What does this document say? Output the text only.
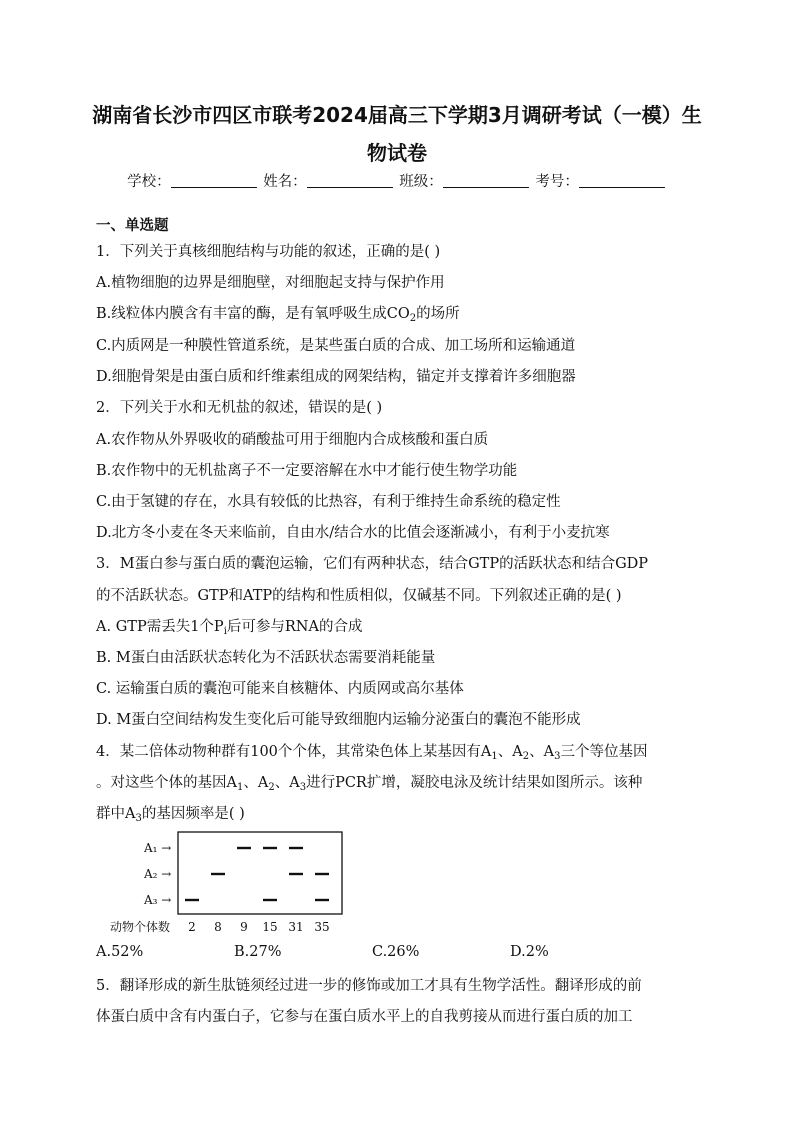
湖南省长沙市四区市联考2024届高三下学期3月调研考试（一模）生
物试卷
学校：	姓名：	班级：	考号：
一、单选题
1．下列关于真核细胞结构与功能的叙述，正确的是( )
A.植物细胞的边界是细胞壁，对细胞起支持与保护作用
B.线粒体内膜含有丰富的酶，是有氧呼吸生成$CO_2$的场所
C.内质网是一种膜性管道系统，是某些蛋白质的合成、加工场所和运输通道
D.细胞骨架是由蛋白质和纤维素组成的网架结构，锚定并支撑着许多细胞器
2．下列关于水和无机盐的叙述，错误的是( )
A.农作物从外界吸收的硝酸盐可用于细胞内合成核酸和蛋白质
B.农作物中的无机盐离子不一定要溶解在水中才能行使生物学功能
C.由于氢键的存在，水具有较低的比热容，有利于维持生命系统的稳定性
D.北方冬小麦在冬天来临前，自由水/结合水的比值会逐渐减小，有利于小麦抗寒
3．M蛋白参与蛋白质的囊泡运输，它们有两种状态，结合GTP的活跃状态和结合GDP
的不活跃状态。GTP和ATP的结构和性质相似，仅碱基不同。下列叙述正确的是( )
A. GTP需丢失1个$P_i$后可参与RNA的合成
B. M蛋白由活跃状态转化为不活跃状态需要消耗能量
C. 运输蛋白质的囊泡可能来自核糖体、内质网或高尔基体
D. M蛋白空间结构发生变化后可能导致细胞内运输分泌蛋白的囊泡不能形成
4．某二倍体动物种群有100个个体，其常染色体上某基因有$A_1$、$A_2$、$A_3$三个等位基因
。对这些个体的基因$A_1$、$A_2$、$A_3$进行PCR扩增，凝胶电泳及统计结果如图所示。该种
群中$A_3$的基因频率是( )
A₁ →
A₂ →
A₃ →
动物个体数 2 8 9 15 31 35
A.52%	B.27%	C.26%	D.2%
5．翻译形成的新生肽链须经过进一步的修饰或加工才具有生物学活性。翻译形成的前
体蛋白质中含有内蛋白子，它参与在蛋白质水平上的自我剪接从而进行蛋白质的加工
